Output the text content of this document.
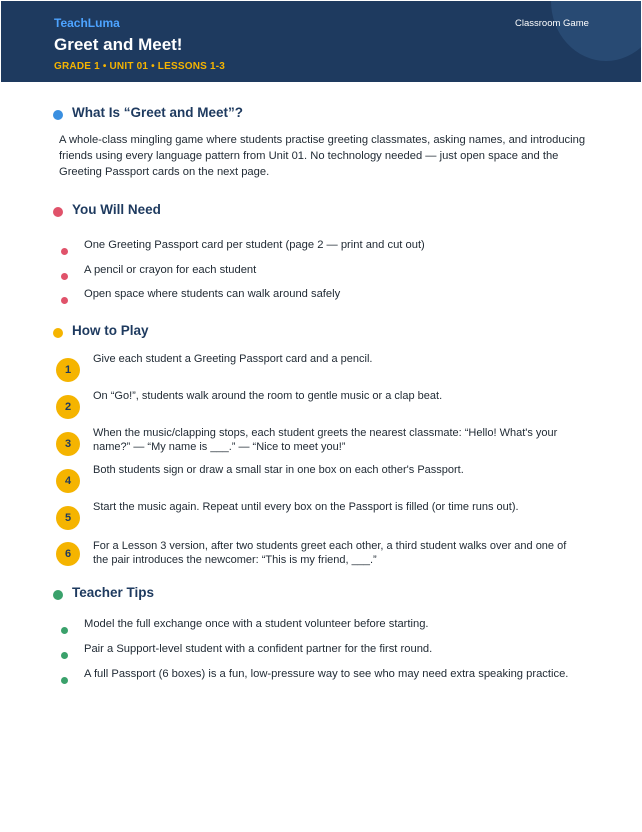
TeachLuma
Greet and Meet!
GRADE 1 • UNIT 01 • LESSONS 1-3
Classroom Game
What Is “Greet and Meet”?
A whole-class mingling game where students practise greeting classmates, asking names, and introducing friends using every language pattern from Unit 01. No technology needed — just open space and the Greeting Passport cards on the next page.
You Will Need
One Greeting Passport card per student (page 2 — print and cut out)
A pencil or crayon for each student
Open space where students can walk around safely
How to Play
1
Give each student a Greeting Passport card and a pencil.
2
On “Go!”, students walk around the room to gentle music or a clap beat.
3
When the music/clapping stops, each student greets the nearest classmate: “Hello! What's your name?” — “My name is ___.” — “Nice to meet you!”
4
Both students sign or draw a small star in one box on each other's Passport.
5
Start the music again. Repeat until every box on the Passport is filled (or time runs out).
6
For a Lesson 3 version, after two students greet each other, a third student walks over and one of the pair introduces the newcomer: “This is my friend, ___.”
Teacher Tips
Model the full exchange once with a student volunteer before starting.
Pair a Support-level student with a confident partner for the first round.
A full Passport (6 boxes) is a fun, low-pressure way to see who may need extra speaking practice.
